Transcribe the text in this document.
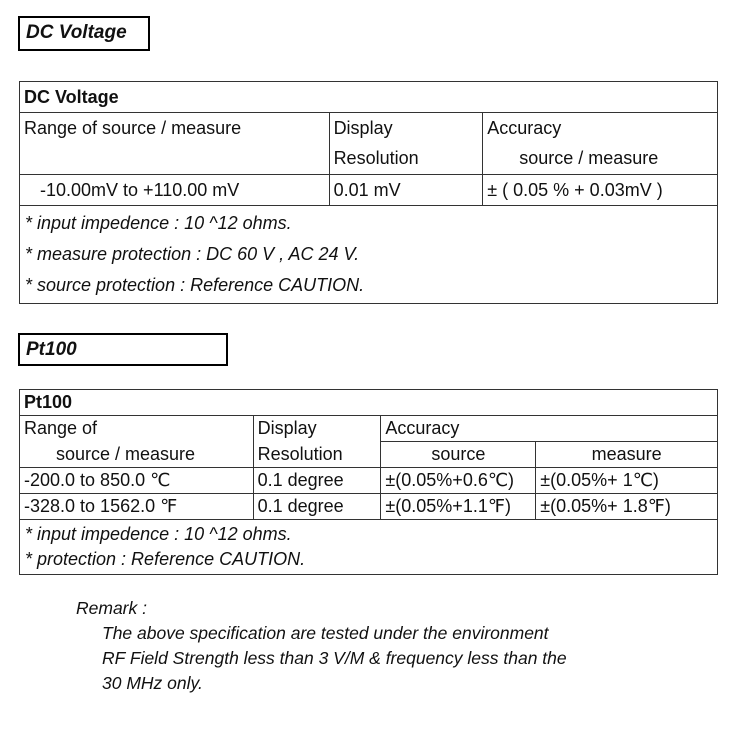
DC Voltage
DC Voltage		
Range of source / measure	Display	Accuracy
	Resolution	source / measure
-10.00mV to +110.00 mV	0.01 mV	± ( 0.05 % + 0.03mV )

* input impedence : 10 ^12 ohms.
* measure protection : DC 60 V , AC 24 V.
* source protection : Reference CAUTION.		
Pt100
Pt100			
Range of	Display	Accuracy	
source / measure	Resolution	source	measure
-200.0 to 850.0 ℃	0.1 degree	±(0.05%+0.6℃)	±(0.05%+ 1℃)
-328.0 to 1562.0 ℉	0.1 degree	±(0.05%+1.1℉)	±(0.05%+ 1.8℉)

* input impedence : 10 ^12 ohms.
* protection : Reference CAUTION.			
Remark :
The above specification are tested under the environment
RF Field Strength less than 3 V/M & frequency less than the
30 MHz only.
